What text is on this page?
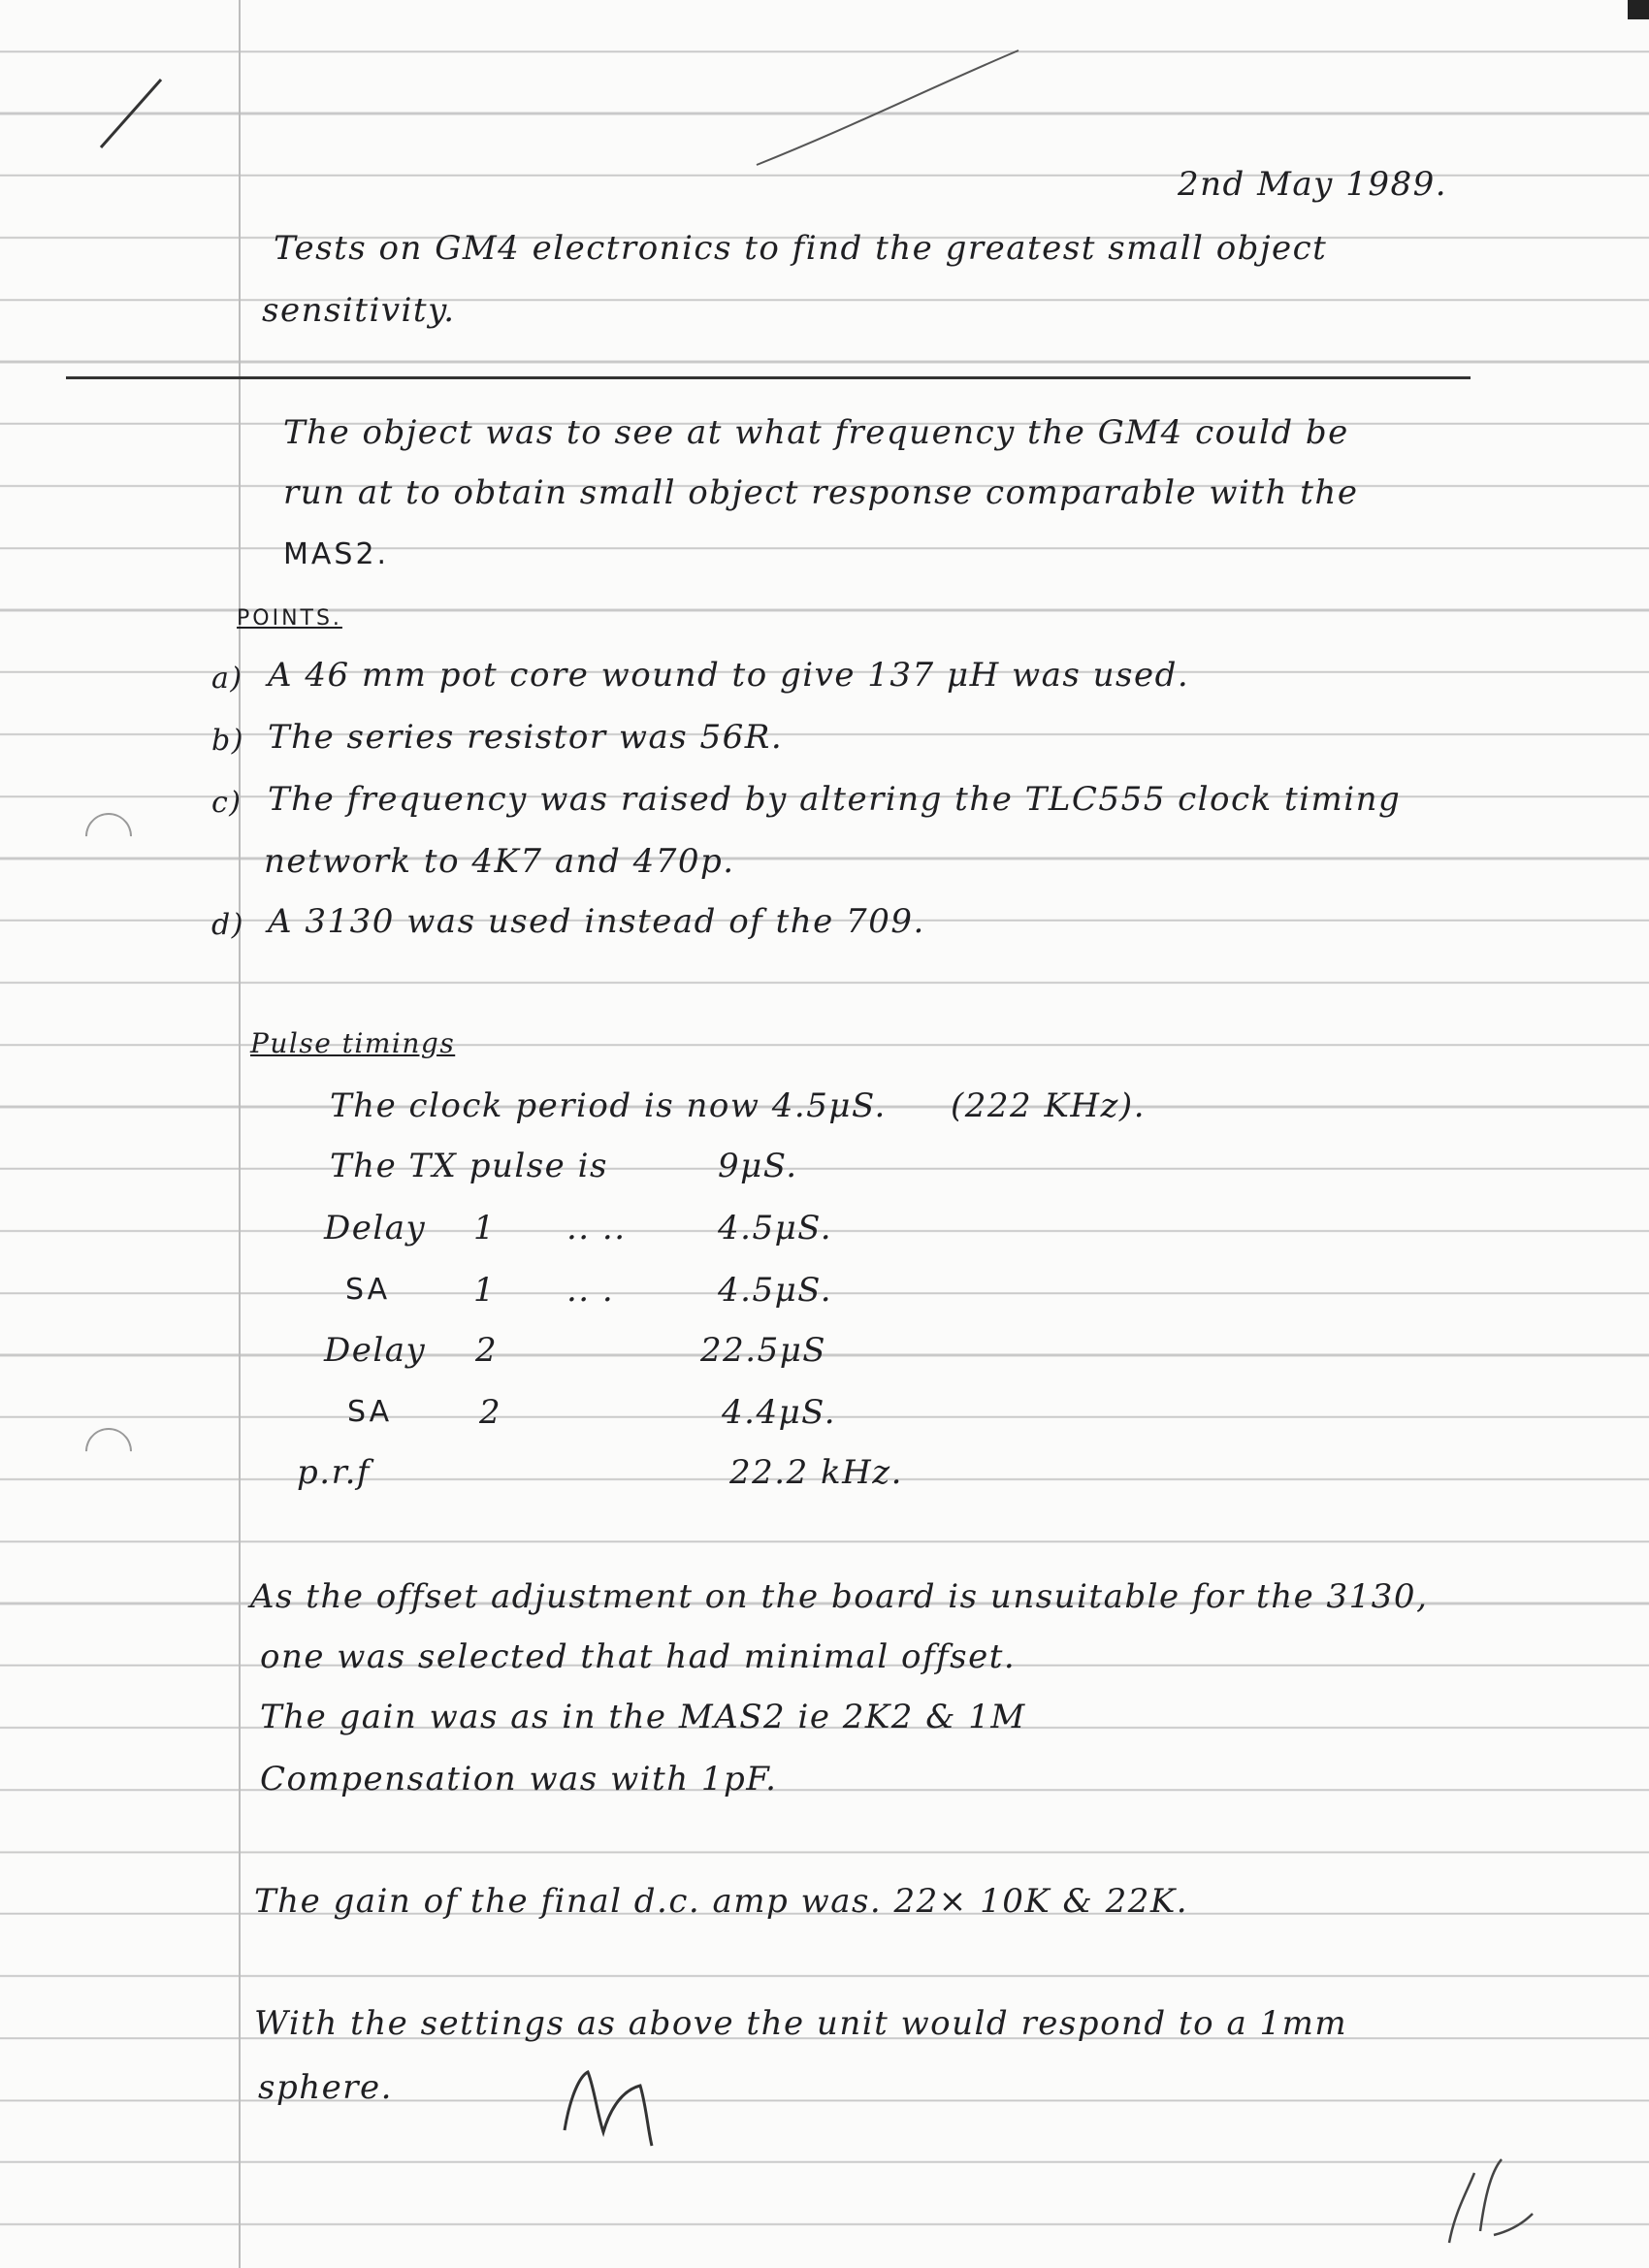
2nd May 1989.
Tests on GM4 electronics to find the greatest small object
sensitivity.
The object was to see at what frequency the GM4 could be
run at to obtain small object response comparable with the
MAS2.
POINTS.
a) A 46 mm pot core wound to give 137 μH was used.
b) The series resistor was 56R.
c) The frequency was raised by altering the TLC555 clock timing
network to 4K7 and 470p.
d) A 3130 was used instead of the 709.
Pulse timings
The clock period is now 4.5μS. (222 KHz).
The TX pulse is	9μS.
Delay 1 .. ..	4.5μS.
SA	1 .. .	4.5μS.
Delay 2	22.5μS
SA	2	4.4μS.
p.r.f	22.2 kHz.
As the offset adjustment on the board is unsuitable for the 3130,
one was selected that had minimal offset.
The gain was as in the MAS2 ie 2K2 & 1M
Compensation was with 1pF.
The gain of the final d.c. amp was. 22× 10K & 22K.
With the settings as above the unit would respond to a 1mm
sphere.
